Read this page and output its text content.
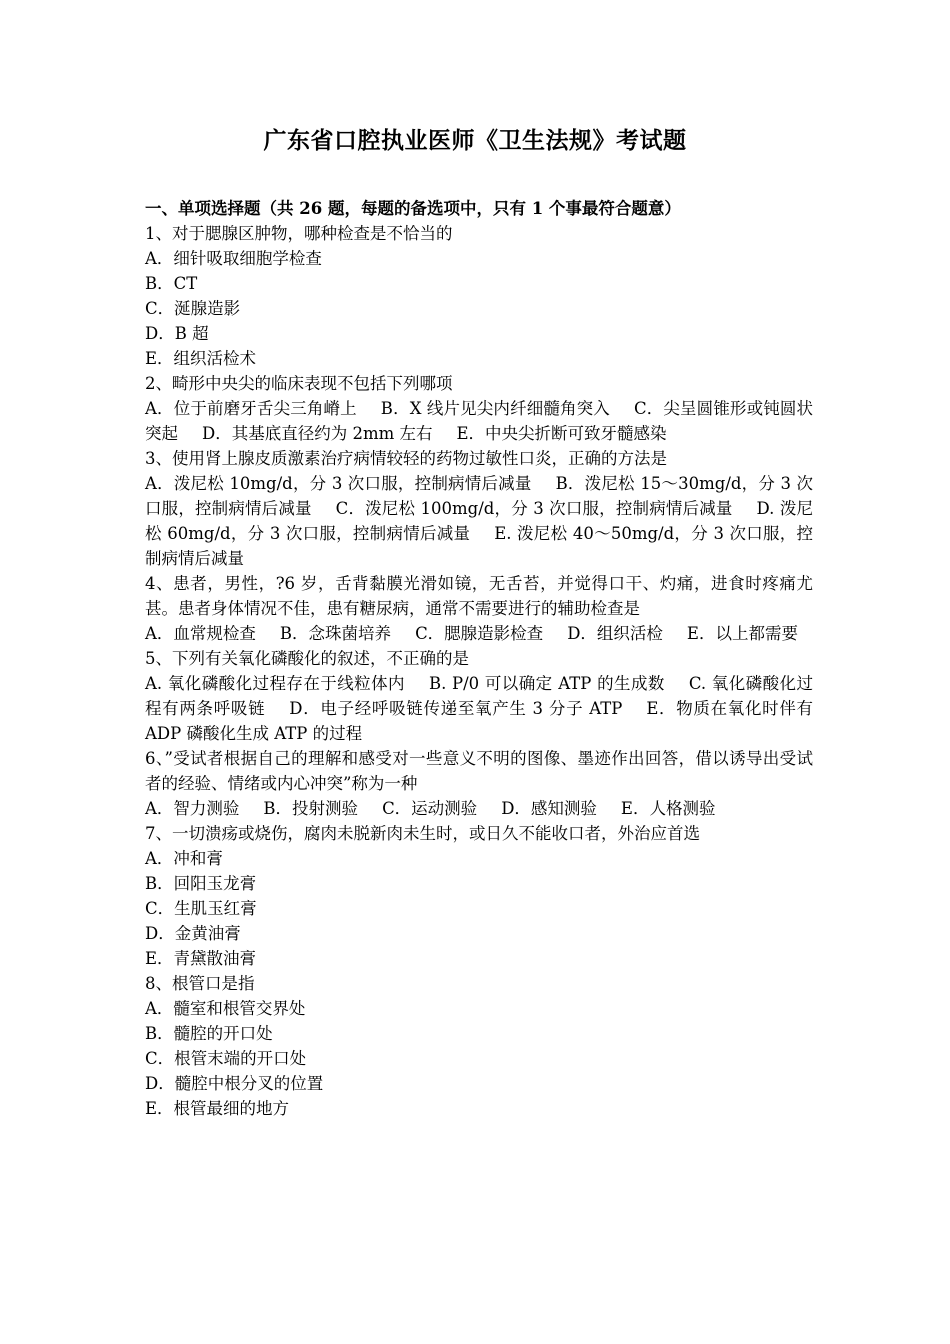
广东省口腔执业医师《卫生法规》考试题
一、单项选择题（共 26 题，每题的备选项中，只有 1 个事最符合题意）
1、对于腮腺区肿物，哪种检查是不恰当的
A．细针吸取细胞学检查
B．CT
C．涎腺造影
D．B 超
E．组织活检术
2、畸形中央尖的临床表现不包括下列哪项
A．位于前磨牙舌尖三角嵴上 B．X 线片见尖内纤细髓角突入 C．尖呈圆锥形或钝圆状突起 D．其基底直径约为 2mm 左右 E．中央尖折断可致牙髓感染
3、使用肾上腺皮质激素治疗病情较轻的药物过敏性口炎，正确的方法是
A．泼尼松 10mg/d，分 3 次口服，控制病情后减量 B．泼尼松 15～30mg/d，分 3 次口服，控制病情后减量 C．泼尼松 100mg/d，分 3 次口服，控制病情后减量 D. 泼尼松 60mg/d，分 3 次口服，控制病情后减量 E. 泼尼松 40～50mg/d，分 3 次口服，控制病情后减量
4、患者，男性，?6 岁，舌背黏膜光滑如镜，无舌苔，并觉得口干、灼痛，进食时疼痛尤甚。患者身体情况不佳，患有糖尿病，通常不需要进行的辅助检查是
A．血常规检查 B．念珠菌培养 C．腮腺造影检查 D．组织活检 E．以上都需要
5、下列有关氧化磷酸化的叙述，不正确的是
A. 氧化磷酸化过程存在于线粒体内 B. P/0 可以确定 ATP 的生成数 C. 氧化磷酸化过程有两条呼吸链 D．电子经呼吸链传递至氧产生 3 分子 ATP E．物质在氧化时伴有 ADP 磷酸化生成 ATP 的过程
6、”受试者根据自己的理解和感受对一些意义不明的图像、墨迹作出回答，借以诱导出受试者的经验、情绪或内心冲突”称为一种
A．智力测验 B．投射测验 C．运动测验 D．感知测验 E．人格测验
7、一切溃疡或烧伤，腐肉未脱新肉未生时，或日久不能收口者，外治应首选
A．冲和膏
B．回阳玉龙膏
C．生肌玉红膏
D．金黄油膏
E．青黛散油膏
8、根管口是指
A．髓室和根管交界处
B．髓腔的开口处
C．根管末端的开口处
D．髓腔中根分叉的位置
E．根管最细的地方
